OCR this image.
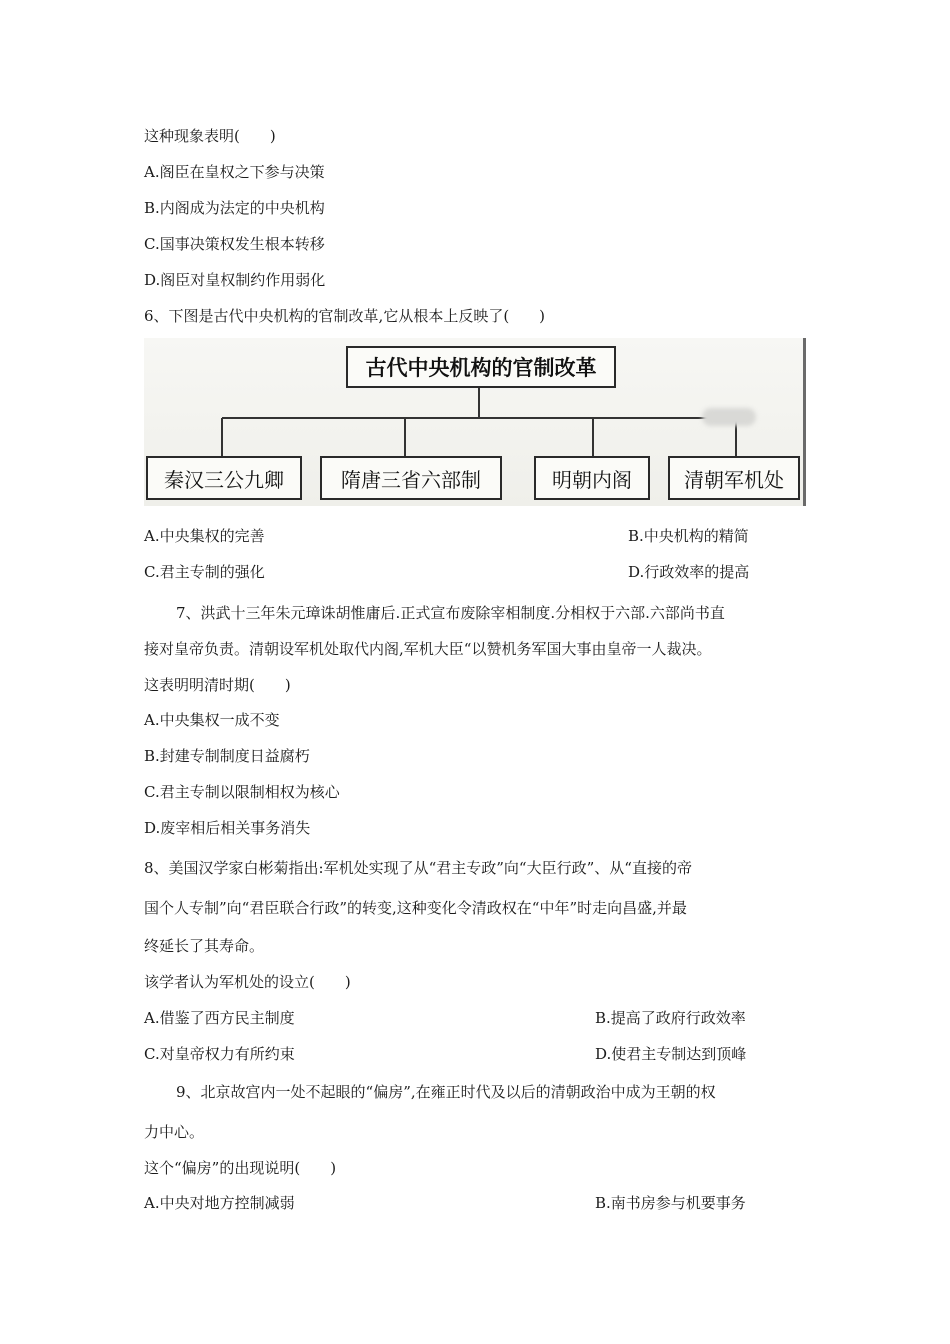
这种现象表明(　　)
A.阁臣在皇权之下参与决策
B.内阁成为法定的中央机构
C.国事决策权发生根本转移
D.阁臣对皇权制约作用弱化
6、下图是古代中央机构的官制改革,它从根本上反映了(　　)
古代中央机构的官制改革
秦汉三公九卿	隋唐三省六部制	明朝内阁	清朝军机处
A.中央集权的完善	B.中央机构的精简
C.君主专制的强化	D.行政效率的提高
7、洪武十三年朱元璋诛胡惟庸后.正式宣布废除宰相制度.分相权于六部.六部尚书直
接对皇帝负责。清朝设军机处取代内阁,军机大臣“以赞机务军国大事由皇帝一人裁决。
这表明明清时期(　　)
A.中央集权一成不变
B.封建专制制度日益腐朽
C.君主专制以限制相权为核心
D.废宰相后相关事务消失
8、美国汉学家白彬菊指出:军机处实现了从“君主专政”向“大臣行政”、从“直接的帝
国个人专制”向“君臣联合行政”的转变,这种变化令清政权在“中年”时走向昌盛,并最
终延长了其寿命。
该学者认为军机处的设立(　　)
A.借鉴了西方民主制度	B.提高了政府行政效率
C.对皇帝权力有所约束	D.使君主专制达到顶峰
9、北京故宫内一处不起眼的“偏房”,在雍正时代及以后的清朝政治中成为王朝的权
力中心。
这个“偏房”的出现说明(　　)
A.中央对地方控制减弱	B.南书房参与机要事务
